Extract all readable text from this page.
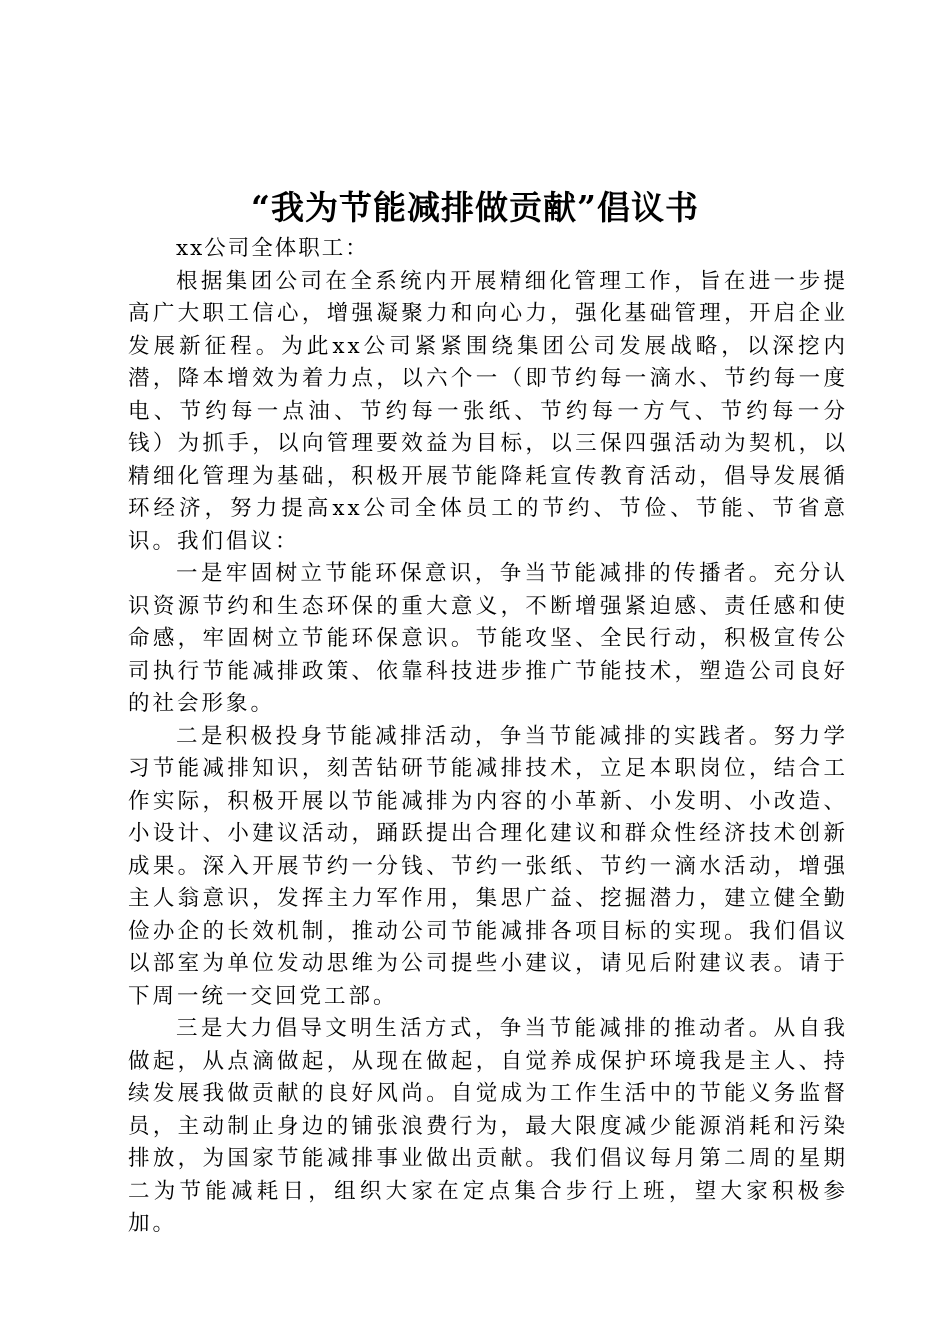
“我为节能减排做贡献”倡议书

xx公司全体职工：

根据集团公司在全系统内开展精细化管理工作，旨在进一步提高广大职工信心，增强凝聚力和向心力，强化基础管理，开启企业发展新征程。为此xx公司紧紧围绕集团公司发展战略，以深挖内潜，降本增效为着力点，以六个一（即节约每一滴水、节约每一度电、节约每一点油、节约每一张纸、节约每一方气、节约每一分钱）为抓手，以向管理要效益为目标，以三保四强活动为契机，以精细化管理为基础，积极开展节能降耗宣传教育活动，倡导发展循环经济，努力提高xx公司全体员工的节约、节俭、节能、节省意识。我们倡议：

一是牢固树立节能环保意识，争当节能减排的传播者。充分认识资源节约和生态环保的重大意义，不断增强紧迫感、责任感和使命感，牢固树立节能环保意识。节能攻坚、全民行动，积极宣传公司执行节能减排政策、依靠科技进步推广节能技术，塑造公司良好的社会形象。

二是积极投身节能减排活动，争当节能减排的实践者。努力学习节能减排知识，刻苦钻研节能减排技术，立足本职岗位，结合工作实际，积极开展以节能减排为内容的小革新、小发明、小改造、小设计、小建议活动，踊跃提出合理化建议和群众性经济技术创新成果。深入开展节约一分钱、节约一张纸、节约一滴水活动，增强主人翁意识，发挥主力军作用，集思广益、挖掘潜力，建立健全勤俭办企的长效机制，推动公司节能减排各项目标的实现。我们倡议以部室为单位发动思维为公司提些小建议，请见后附建议表。请于下周一统一交回党工部。

三是大力倡导文明生活方式，争当节能减排的推动者。从自我做起，从点滴做起，从现在做起，自觉养成保护环境我是主人、持续发展我做贡献的良好风尚。自觉成为工作生活中的节能义务监督员，主动制止身边的铺张浪费行为，最大限度减少能源消耗和污染排放，为国家节能减排事业做出贡献。我们倡议每月第二周的星期二为节能减耗日，组织大家在定点集合步行上班，望大家积极参加。
